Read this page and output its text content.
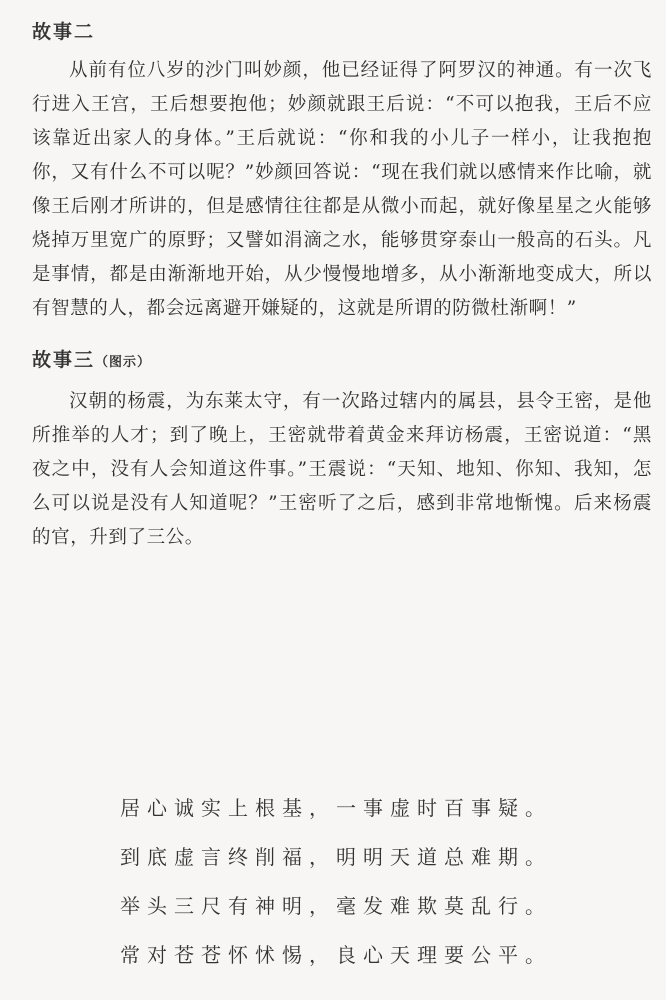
故事二

从前有位八岁的沙门叫妙颜，他已经证得了阿罗汉的神通。有一次飞行进入王宫，王后想要抱他；妙颜就跟王后说：“不可以抱我，王后不应该靠近出家人的身体。”王后就说：“你和我的小儿子一样小，让我抱抱你，又有什么不可以呢？”妙颜回答说：“现在我们就以感情来作比喻，就像王后刚才所讲的，但是感情往往都是从微小而起，就好像星星之火能够烧掉万里宽广的原野；又譬如涓滴之水，能够贯穿泰山一般高的石头。凡是事情，都是由渐渐地开始，从少慢慢地增多，从小渐渐地变成大，所以有智慧的人，都会远离避开嫌疑的，这就是所谓的防微杜渐啊！”

故事三（图示）

汉朝的杨震，为东莱太守，有一次路过辖内的属县，县令王密，是他所推举的人才；到了晚上，王密就带着黄金来拜访杨震，王密说道：“黑夜之中，没有人会知道这件事。”王震说：“天知、地知、你知、我知，怎么可以说是没有人知道呢？”王密听了之后，感到非常地惭愧。后来杨震的官，升到了三公。

居心诚实上根基，一事虚时百事疑。
到底虚言终削福，明明天道总难期。
举头三尺有神明，毫发难欺莫乱行。
常对苍苍怀怵惕，良心天理要公平。
